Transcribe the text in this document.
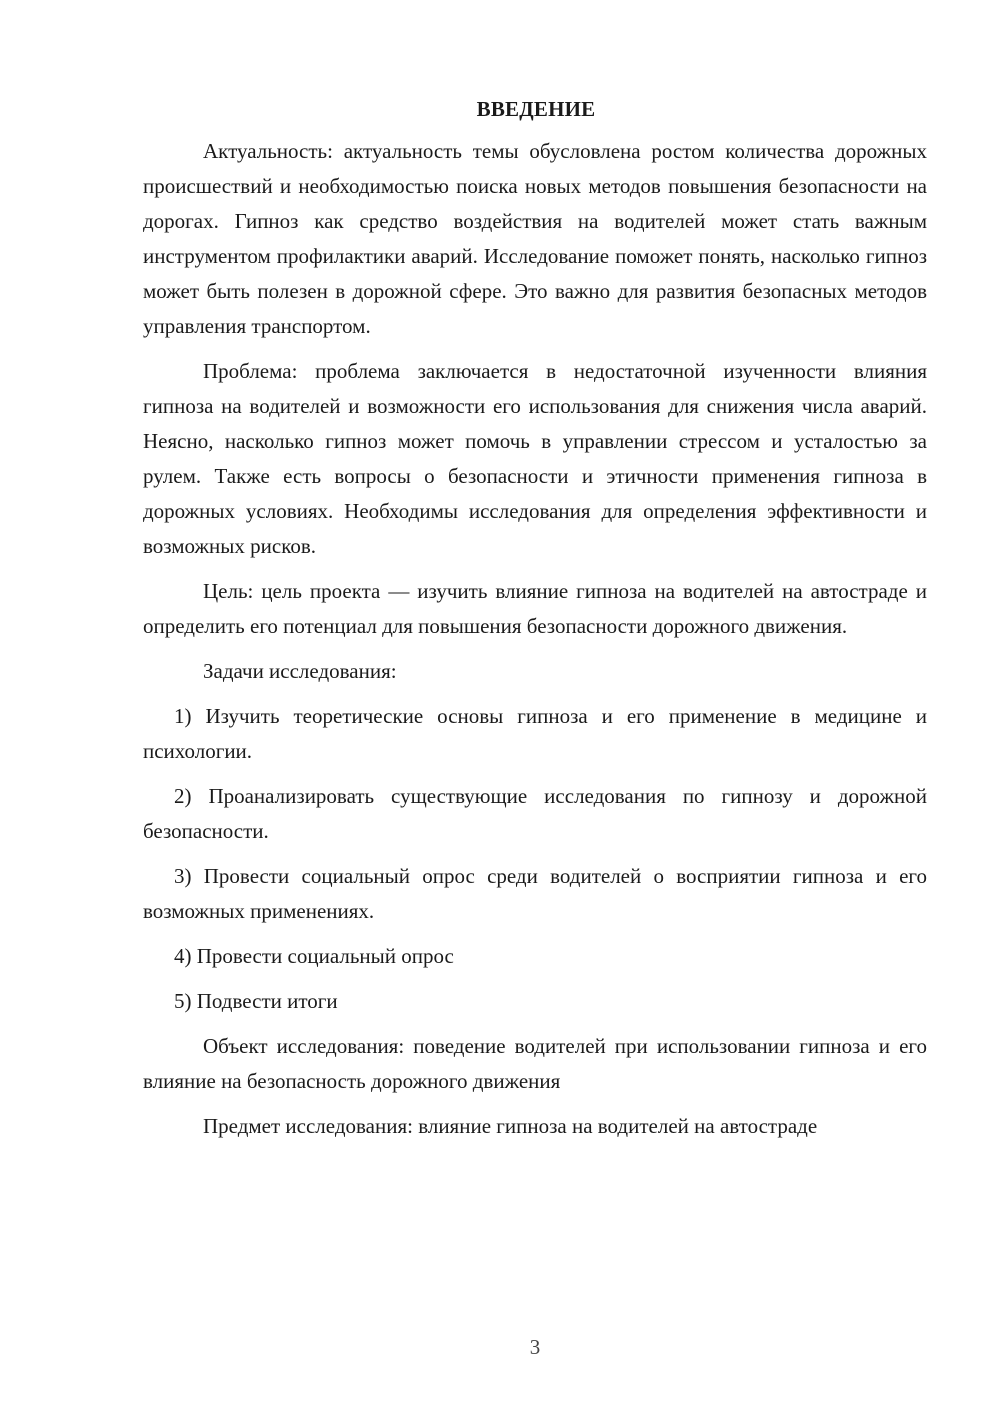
ВВЕДЕНИЕ

Актуальность: актуальность темы обусловлена ростом количества дорожных происшествий и необходимостью поиска новых методов повышения безопасности на дорогах. Гипноз как средство воздействия на водителей может стать важным инструментом профилактики аварий. Исследование поможет понять, насколько гипноз может быть полезен в дорожной сфере. Это важно для развития безопасных методов управления транспортом.

Проблема: проблема заключается в недостаточной изученности влияния гипноза на водителей и возможности его использования для снижения числа аварий. Неясно, насколько гипноз может помочь в управлении стрессом и усталостью за рулем. Также есть вопросы о безопасности и этичности применения гипноза в дорожных условиях. Необходимы исследования для определения эффективности и возможных рисков.

Цель: цель проекта — изучить влияние гипноза на водителей на автостраде и определить его потенциал для повышения безопасности дорожного движения.

Задачи исследования:

1) Изучить теоретические основы гипноза и его применение в медицине и психологии.

2) Проанализировать существующие исследования по гипнозу и дорожной безопасности.

3) Провести социальный опрос среди водителей о восприятии гипноза и его возможных применениях.

4) Провести социальный опрос

5) Подвести итоги

Объект исследования: поведение водителей при использовании гипноза и его влияние на безопасность дорожного движения

Предмет исследования: влияние гипноза на водителей на автостраде

3
